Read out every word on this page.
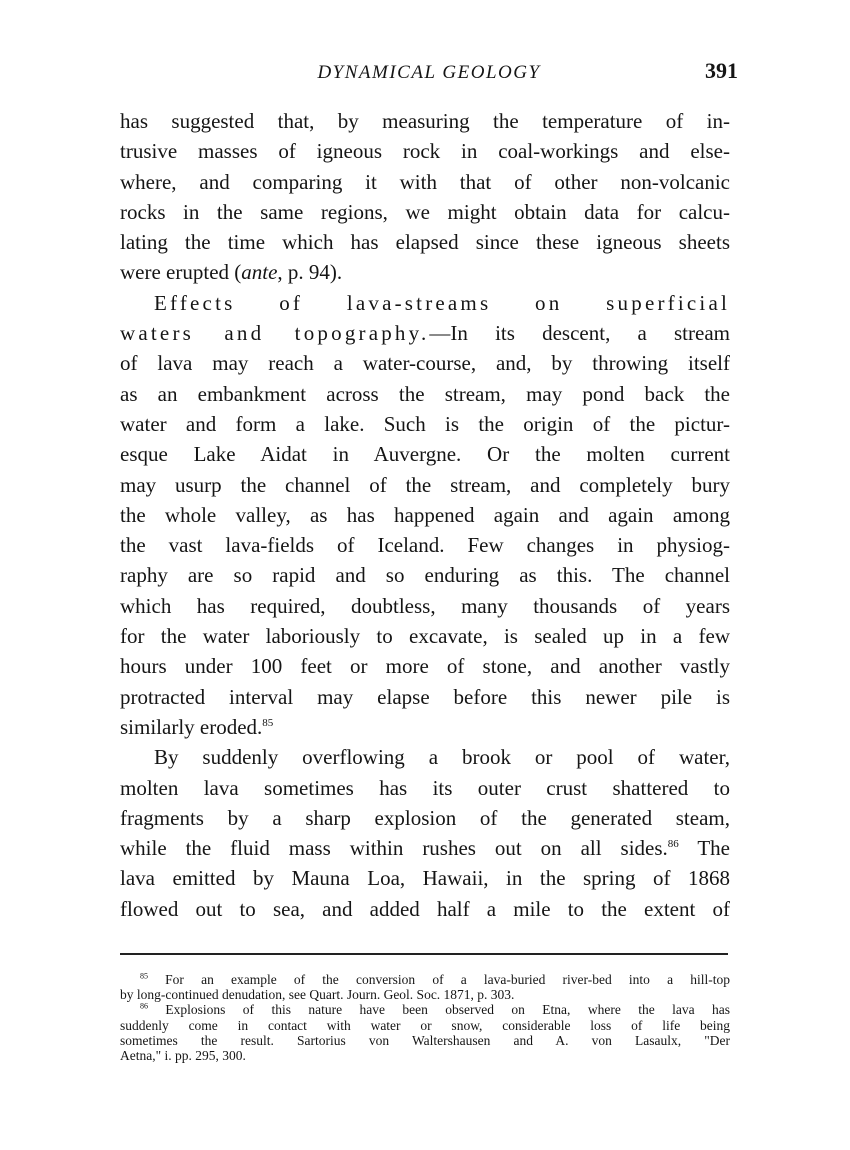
DYNAMICAL GEOLOGY	391
has suggested that, by measuring the temperature of in-
trusive masses of igneous rock in coal-workings and else-
where, and comparing it with that of other non-volcanic
rocks in the same regions, we might obtain data for calcu-
lating the time which has elapsed since these igneous sheets
were erupted (ante, p. 94).
Effects of lava-streams on superficial
waters and topography.—In its descent, a stream
of lava may reach a water-course, and, by throwing itself
as an embankment across the stream, may pond back the
water and form a lake. Such is the origin of the pictur-
esque Lake Aidat in Auvergne. Or the molten current
may usurp the channel of the stream, and completely bury
the whole valley, as has happened again and again among
the vast lava-fields of Iceland. Few changes in physiog-
raphy are so rapid and so enduring as this. The channel
which has required, doubtless, many thousands of years
for the water laboriously to excavate, is sealed up in a few
hours under 100 feet or more of stone, and another vastly
protracted interval may elapse before this newer pile is
similarly eroded.$^{85}$
By suddenly overflowing a brook or pool of water,
molten lava sometimes has its outer crust shattered to
fragments by a sharp explosion of the generated steam,
while the fluid mass within rushes out on all sides.$^{86}$ The
lava emitted by Mauna Loa, Hawaii, in the spring of 1868
flowed out to sea, and added half a mile to the extent of
$^{85}$ For an example of the conversion of a lava-buried river-bed into a hill-top
by long-continued denudation, see Quart. Journ. Geol. Soc. 1871, p. 303.
$^{86}$ Explosions of this nature have been observed on Etna, where the lava has
suddenly come in contact with water or snow, considerable loss of life being
sometimes the result. Sartorius von Waltershausen and A. von Lasaulx, "Der
Aetna," i. pp. 295, 300.
